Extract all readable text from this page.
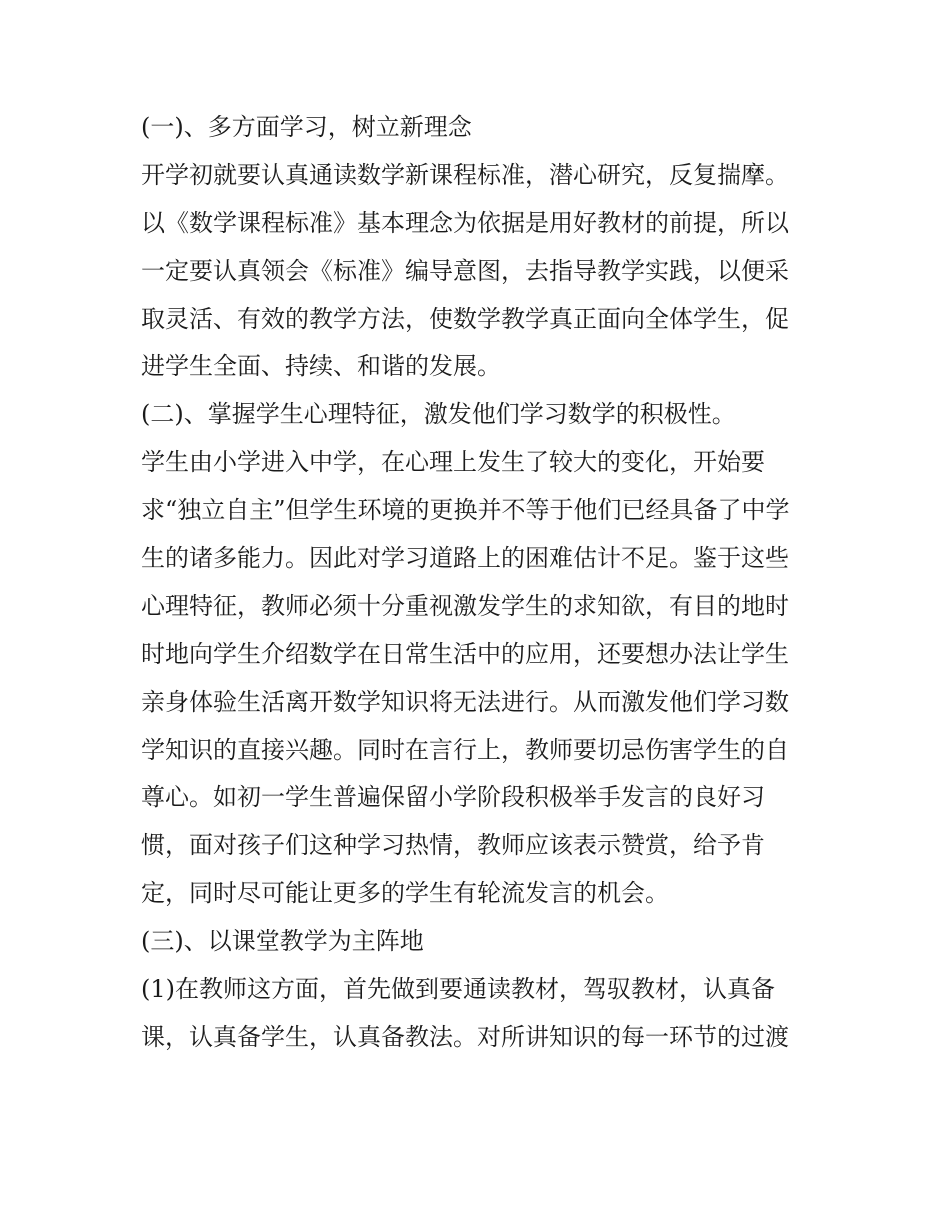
(一)、多方面学习，树立新理念

开学初就要认真通读数学新课程标准，潜心研究，反复揣摩。

以《数学课程标准》基本理念为依据是用好教材的前提，所以

一定要认真领会《标准》编导意图，去指导教学实践，以便采

取灵活、有效的教学方法，使数学教学真正面向全体学生，促

进学生全面、持续、和谐的发展。

(二)、掌握学生心理特征，激发他们学习数学的积极性。

学生由小学进入中学，在心理上发生了较大的变化，开始要

求“独立自主”但学生环境的更换并不等于他们已经具备了中学

生的诸多能力。因此对学习道路上的困难估计不足。鉴于这些

心理特征，教师必须十分重视激发学生的求知欲，有目的地时

时地向学生介绍数学在日常生活中的应用，还要想办法让学生

亲身体验生活离开数学知识将无法进行。从而激发他们学习数

学知识的直接兴趣。同时在言行上，教师要切忌伤害学生的自

尊心。如初一学生普遍保留小学阶段积极举手发言的良好习

惯，面对孩子们这种学习热情，教师应该表示赞赏，给予肯

定，同时尽可能让更多的学生有轮流发言的机会。

(三)、以课堂教学为主阵地

(1)在教师这方面，首先做到要通读教材，驾驭教材，认真备

课，认真备学生，认真备教法。对所讲知识的每一环节的过渡
